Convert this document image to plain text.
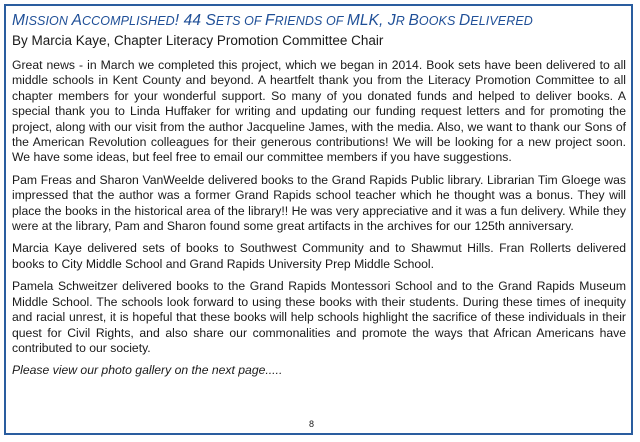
MISSION ACCOMPLISHED! 44 SETS OF FRIENDS OF MLK, JR BOOKS DELIVERED

By Marcia Kaye, Chapter Literacy Promotion Committee Chair

Great news - in March we completed this project, which we began in 2014. Book sets have been delivered to all middle schools in Kent County and beyond. A heartfelt thank you from the Literacy Promotion Committee to all chapter members for your wonderful support. So many of you donated funds and helped to deliver books. A special thank you to Linda Huffaker for writing and updating our funding request letters and for promoting the project, along with our visit from the author Jacqueline James, with the media. Also, we want to thank our Sons of the American Revolution colleagues for their generous contributions! We will be looking for a new project soon. We have some ideas, but feel free to email our committee members if you have suggestions.

Pam Freas and Sharon VanWeelde delivered books to the Grand Rapids Public library. Librarian Tim Gloege was impressed that the author was a former Grand Rapids school teacher which he thought was a bonus. They will place the books in the historical area of the library!! He was very appreciative and it was a fun delivery. While they were at the library, Pam and Sharon found some great artifacts in the archives for our 125th anniversary.

Marcia Kaye delivered sets of books to Southwest Community and to Shawmut Hills. Fran Rollerts delivered books to City Middle School and Grand Rapids University Prep Middle School.

Pamela Schweitzer delivered books to the Grand Rapids Montessori School and to the Grand Rapids Museum Middle School. The schools look forward to using these books with their students. During these times of inequity and racial unrest, it is hopeful that these books will help schools highlight the sacrifice of these individuals in their quest for Civil Rights, and also share our commonalities and promote the ways that African Americans have contributed to our society.

Please view our photo gallery on the next page.....

8
